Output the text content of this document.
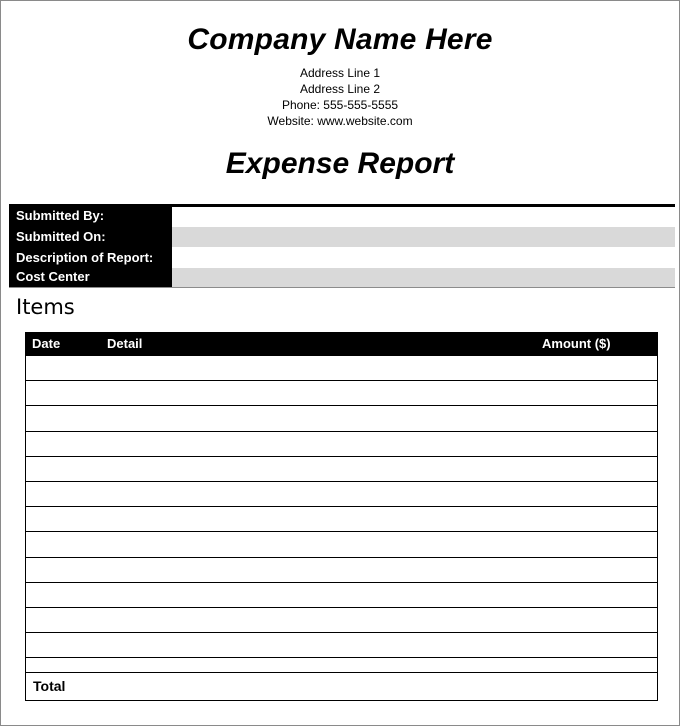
Company Name Here
Address Line 1
Address Line 2
Phone: 555-555-5555
Website: www.website.com
Expense Report
Submitted By:
Submitted On:
Description of Report:
Cost Center
Items
Date	Detail	Amount ($)
Total
